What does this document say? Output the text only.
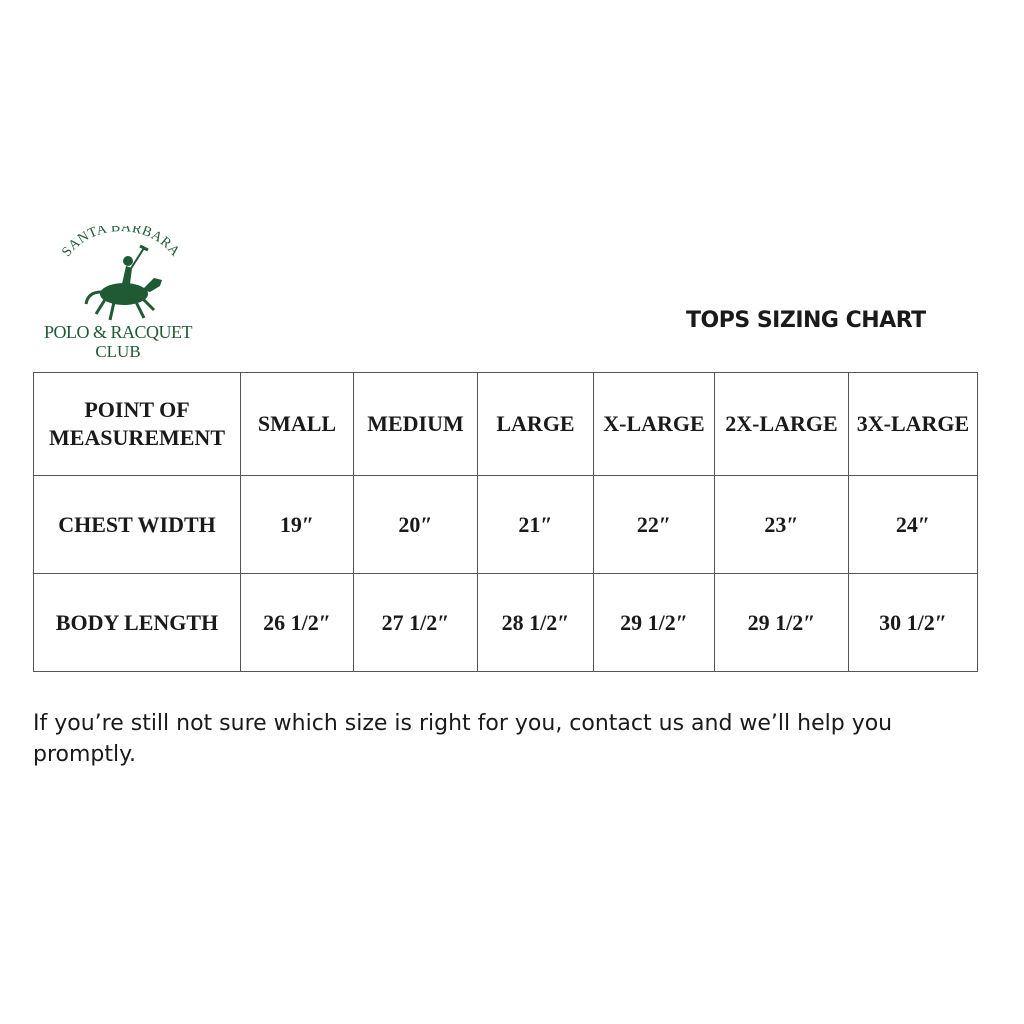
SANTA BARBARA
POLO & RACQUET
CLUB
TOPS SIZING CHART
POINT OF
MEASUREMENT	SMALL	MEDIUM	LARGE	X-LARGE	2X-LARGE	3X-LARGE
CHEST WIDTH	19″	20″	21″	22″	23″	24″
BODY LENGTH	26 1/2″	27 1/2″	28 1/2″	29 1/2″	29 1/2″	30 1/2″
If you’re still not sure which size is right for you, contact us and we’ll help you promptly.
